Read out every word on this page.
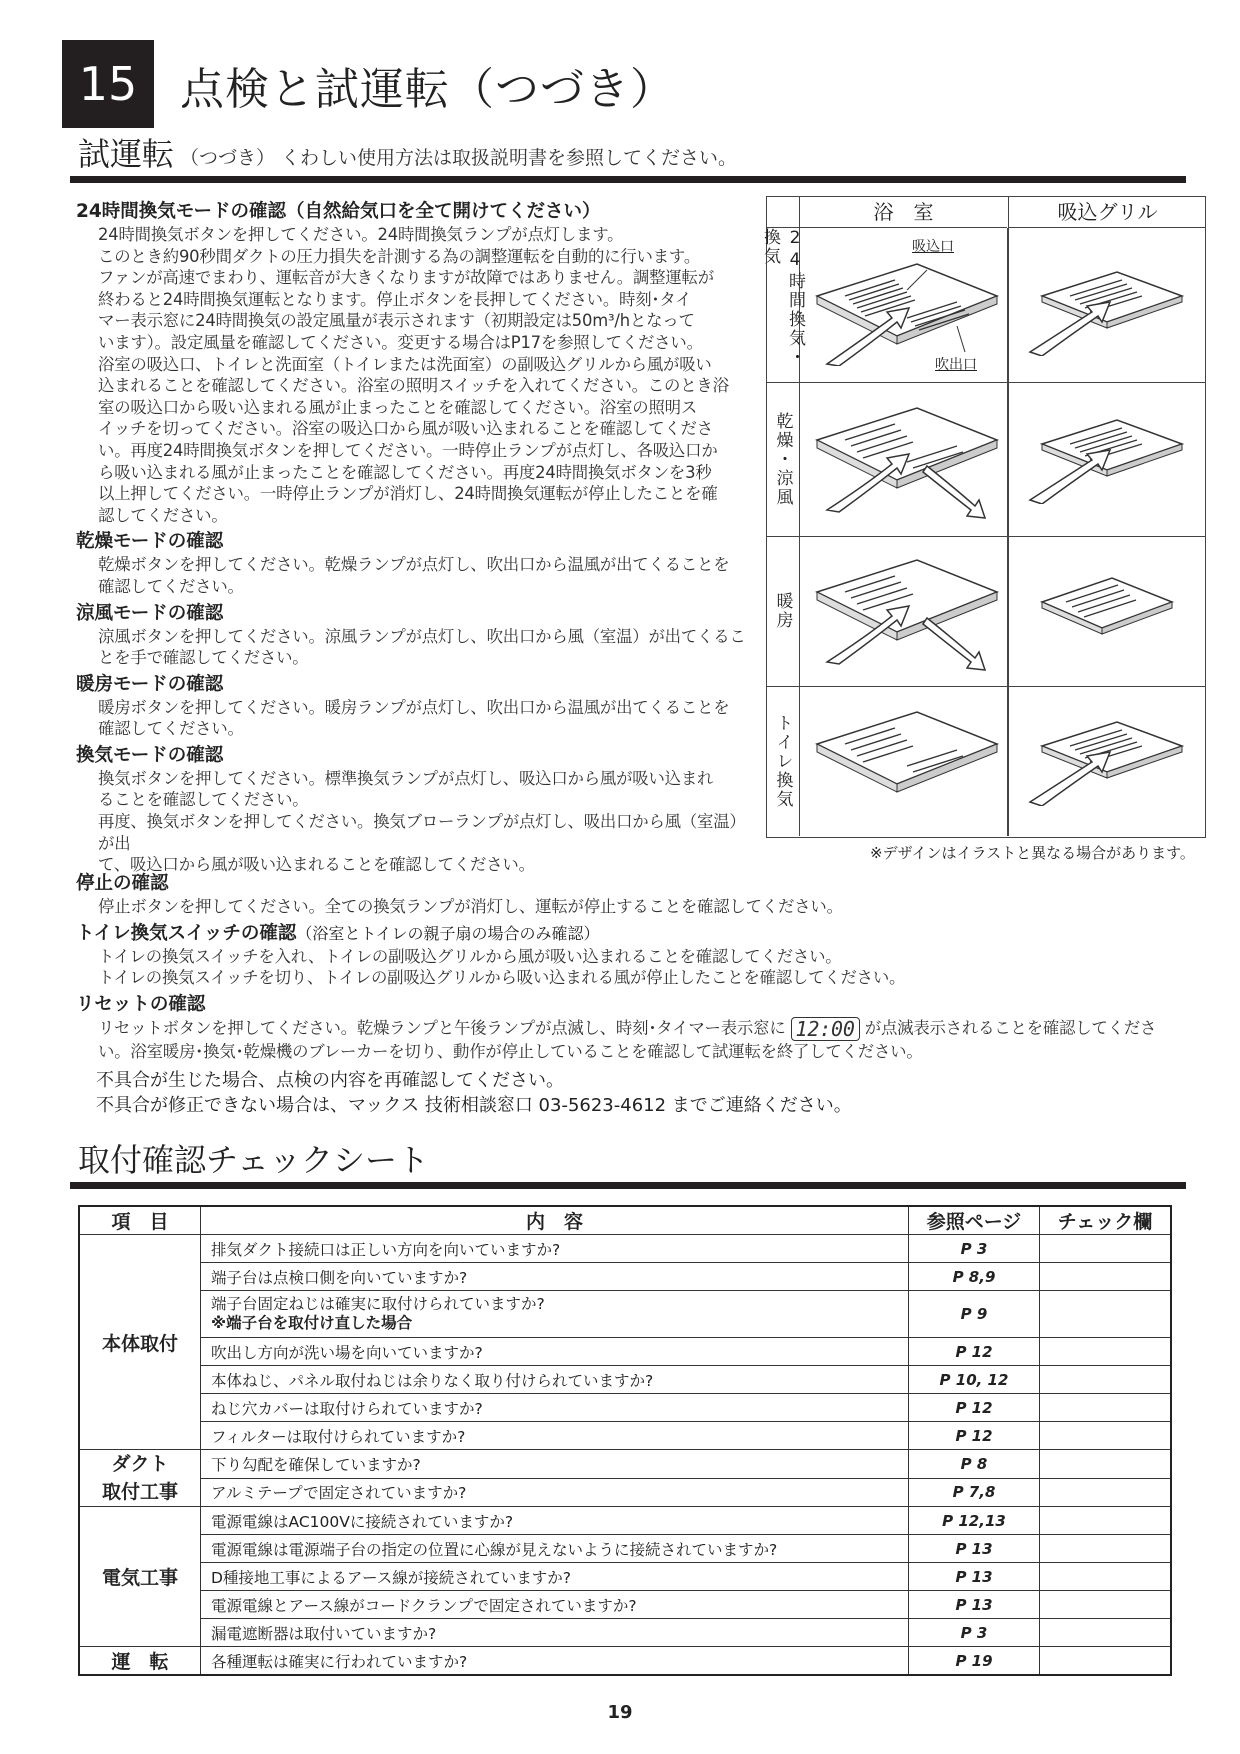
15 点検と試運転（つづき）
試運転 （つづき） くわしい使用方法は取扱説明書を参照してください。
24時間換気モードの確認（自然給気口を全て開けてください）
24時間換気ボタンを押してください。24時間換気ランプが点灯します。
このとき約90秒間ダクトの圧力損失を計測する為の調整運転を自動的に行います。
ファンが高速でまわり、運転音が大きくなりますが故障ではありません。調整運転が
終わると24時間換気運転となります。停止ボタンを長押してください。時刻･タイ
マー表示窓に24時間換気の設定風量が表示されます（初期設定は50m³/hとなって
います）。設定風量を確認してください。変更する場合はP17を参照してください。
浴室の吸込口、トイレと洗面室（トイレまたは洗面室）の副吸込グリルから風が吸い
込まれることを確認してください。浴室の照明スイッチを入れてください。このとき浴
室の吸込口から吸い込まれる風が止まったことを確認してください。浴室の照明ス
イッチを切ってください。浴室の吸込口から風が吸い込まれることを確認してくださ
い。再度24時間換気ボタンを押してください。一時停止ランプが点灯し、各吸込口か
ら吸い込まれる風が止まったことを確認してください。再度24時間換気ボタンを3秒
以上押してください。一時停止ランプが消灯し、24時間換気運転が停止したことを確
認してください。
乾燥モードの確認
乾燥ボタンを押してください。乾燥ランプが点灯し、吹出口から温風が出てくることを
確認してください。
涼風モードの確認
涼風ボタンを押してください。涼風ランプが点灯し、吹出口から風（室温）が出てくるこ
とを手で確認してください。
暖房モードの確認
暖房ボタンを押してください。暖房ランプが点灯し、吹出口から温風が出てくることを
確認してください。
換気モードの確認
換気ボタンを押してください。標準換気ランプが点灯し、吸込口から風が吸い込まれ
ることを確認してください。
再度、換気ボタンを押してください。換気ブローランプが点灯し、吸出口から風（室温）が出
て、吸込口から風が吸い込まれることを確認してください。
停止の確認
停止ボタンを押してください。全ての換気ランプが消灯し、運転が停止することを確認してください。
トイレ換気スイッチの確認（浴室とトイレの親子扇の場合のみ確認）
トイレの換気スイッチを入れ、トイレの副吸込グリルから風が吸い込まれることを確認してください。
トイレの換気スイッチを切り、トイレの副吸込グリルから吸い込まれる風が停止したことを確認してください。
リセットの確認
リセットボタンを押してください。乾燥ランプと午後ランプが点滅し、時刻･タイマー表示窓に 12:00 が点滅表示されることを確認してくださ
い。浴室暖房･換気･乾燥機のブレーカーを切り、動作が停止していることを確認して試運転を終了してください。
不具合が生じた場合、点検の内容を再確認してください。
不具合が修正できない場合は、マックス 技術相談窓口 03-5623-4612 までご連絡ください。
浴　室	吸込グリル
24時間換気・換気	吸込口
吹出口
乾燥・涼風
暖房
トイレ換気
※デザインはイラストと異なる場合があります。
取付確認チェックシート
項　目	内　容	参照ページ	チェック欄
本体取付	排気ダクト接続口は正しい方向を向いていますか?	P 3	
	端子台は点検口側を向いていますか?	P 8,9	

	端子台固定ねじは確実に取付けられていますか?
※端子台を取付け直した場合	P 9	
	吹出し方向が洗い場を向いていますか?	P 12	
	本体ねじ、パネル取付ねじは余りなく取り付けられていますか?	P 10, 12	
	ねじ穴カバーは取付けられていますか?	P 12	
	フィルターは取付けられていますか?	P 12	
ダクト
取付工事	下り勾配を確保していますか?	P 8	
	アルミテープで固定されていますか?	P 7,8	
電気工事	電源電線はAC100Vに接続されていますか?	P 12,13	
	電源電線は電源端子台の指定の位置に心線が見えないように接続されていますか?	P 13	
	D種接地工事によるアース線が接続されていますか?	P 13	
	電源電線とアース線がコードクランプで固定されていますか?	P 13	
	漏電遮断器は取付いていますか?	P 3	
運　転	各種運転は確実に行われていますか?	P 19	
19
